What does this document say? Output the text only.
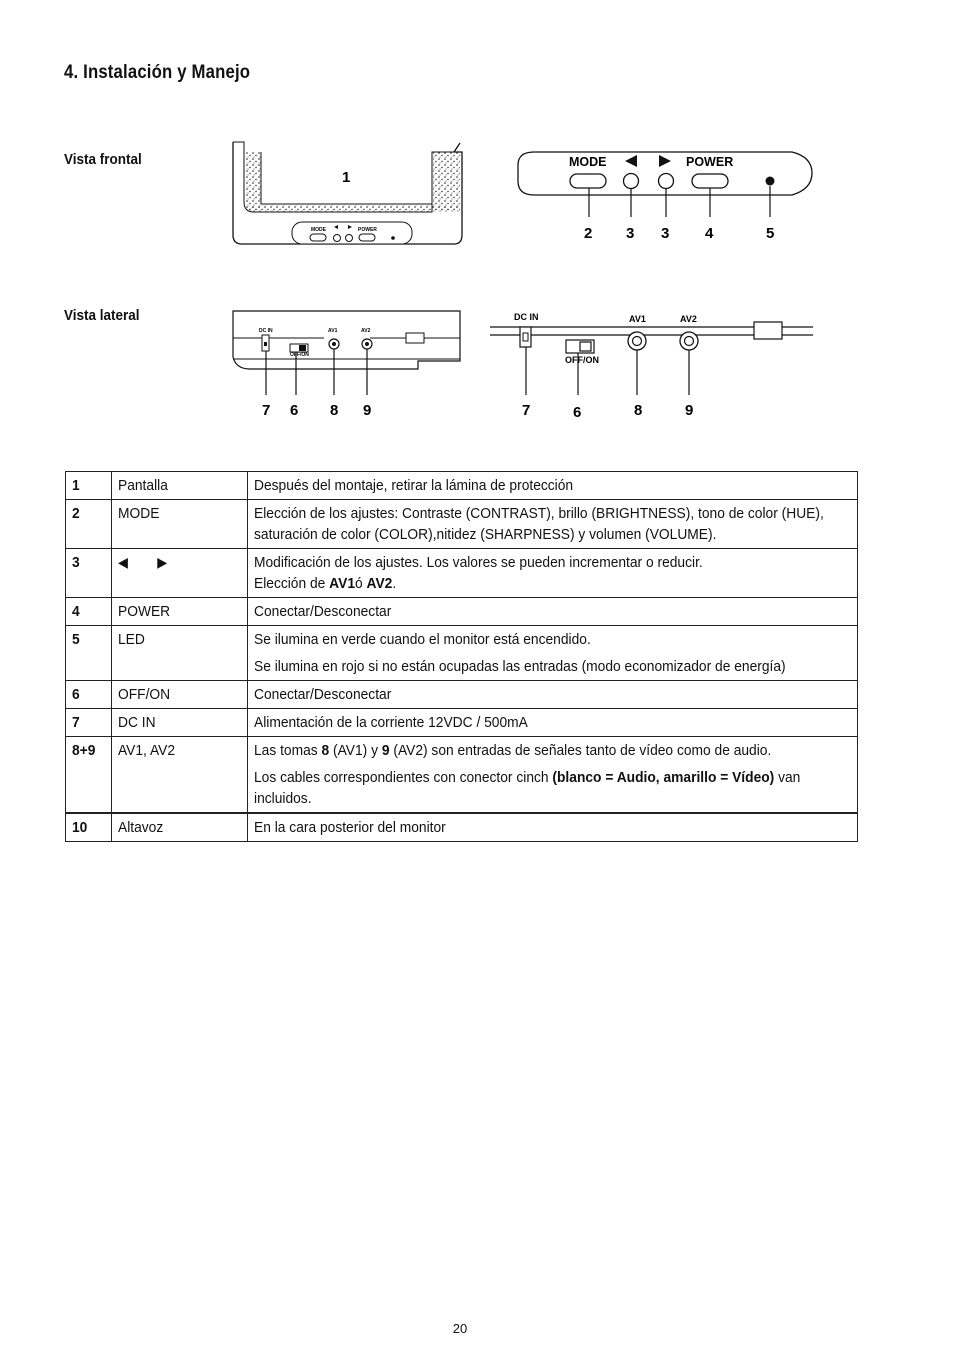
4. Instalación y Manejo
Vista frontal
Vista lateral
1
MODE	POWER
MODE	POWER
2 3 3 4	5
DC IN
OFF/ON
AV1	AV2
7 6 8 9
DC IN	AV1	AV2
OFF/ON
7	6	8	9
1	Pantalla	Después del montaje, retirar la lámina de protección

2	MODE	Elección de los ajustes: Contraste (CONTRAST), brillo (BRIGHTNESS), tono de color (HUE), saturación de color (COLOR),nitidez (SHARPNESS) y volumen (VOLUME).

3	◀ ▶	Modificación de los ajustes. Los valores se pueden incrementar o reducir.
Elección de AV1ó AV2.

4	POWER	Conectar/Desconectar

5	LED	Se ilumina en verde cuando el monitor está encendido.
Se ilumina en rojo si no están ocupadas las entradas (modo economizador de energía)

6	OFF/ON	Conectar/Desconectar

7	DC IN	Alimentación de la corriente 12VDC / 500mA

8+9	AV1, AV2	Las tomas 8 (AV1) y 9 (AV2) son entradas de señales tanto de vídeo como de audio.
Los cables correspondientes con conector cinch (blanco = Audio, amarillo = Vídeo) van incluidos.

10	Altavoz	En la cara posterior del monitor
20
